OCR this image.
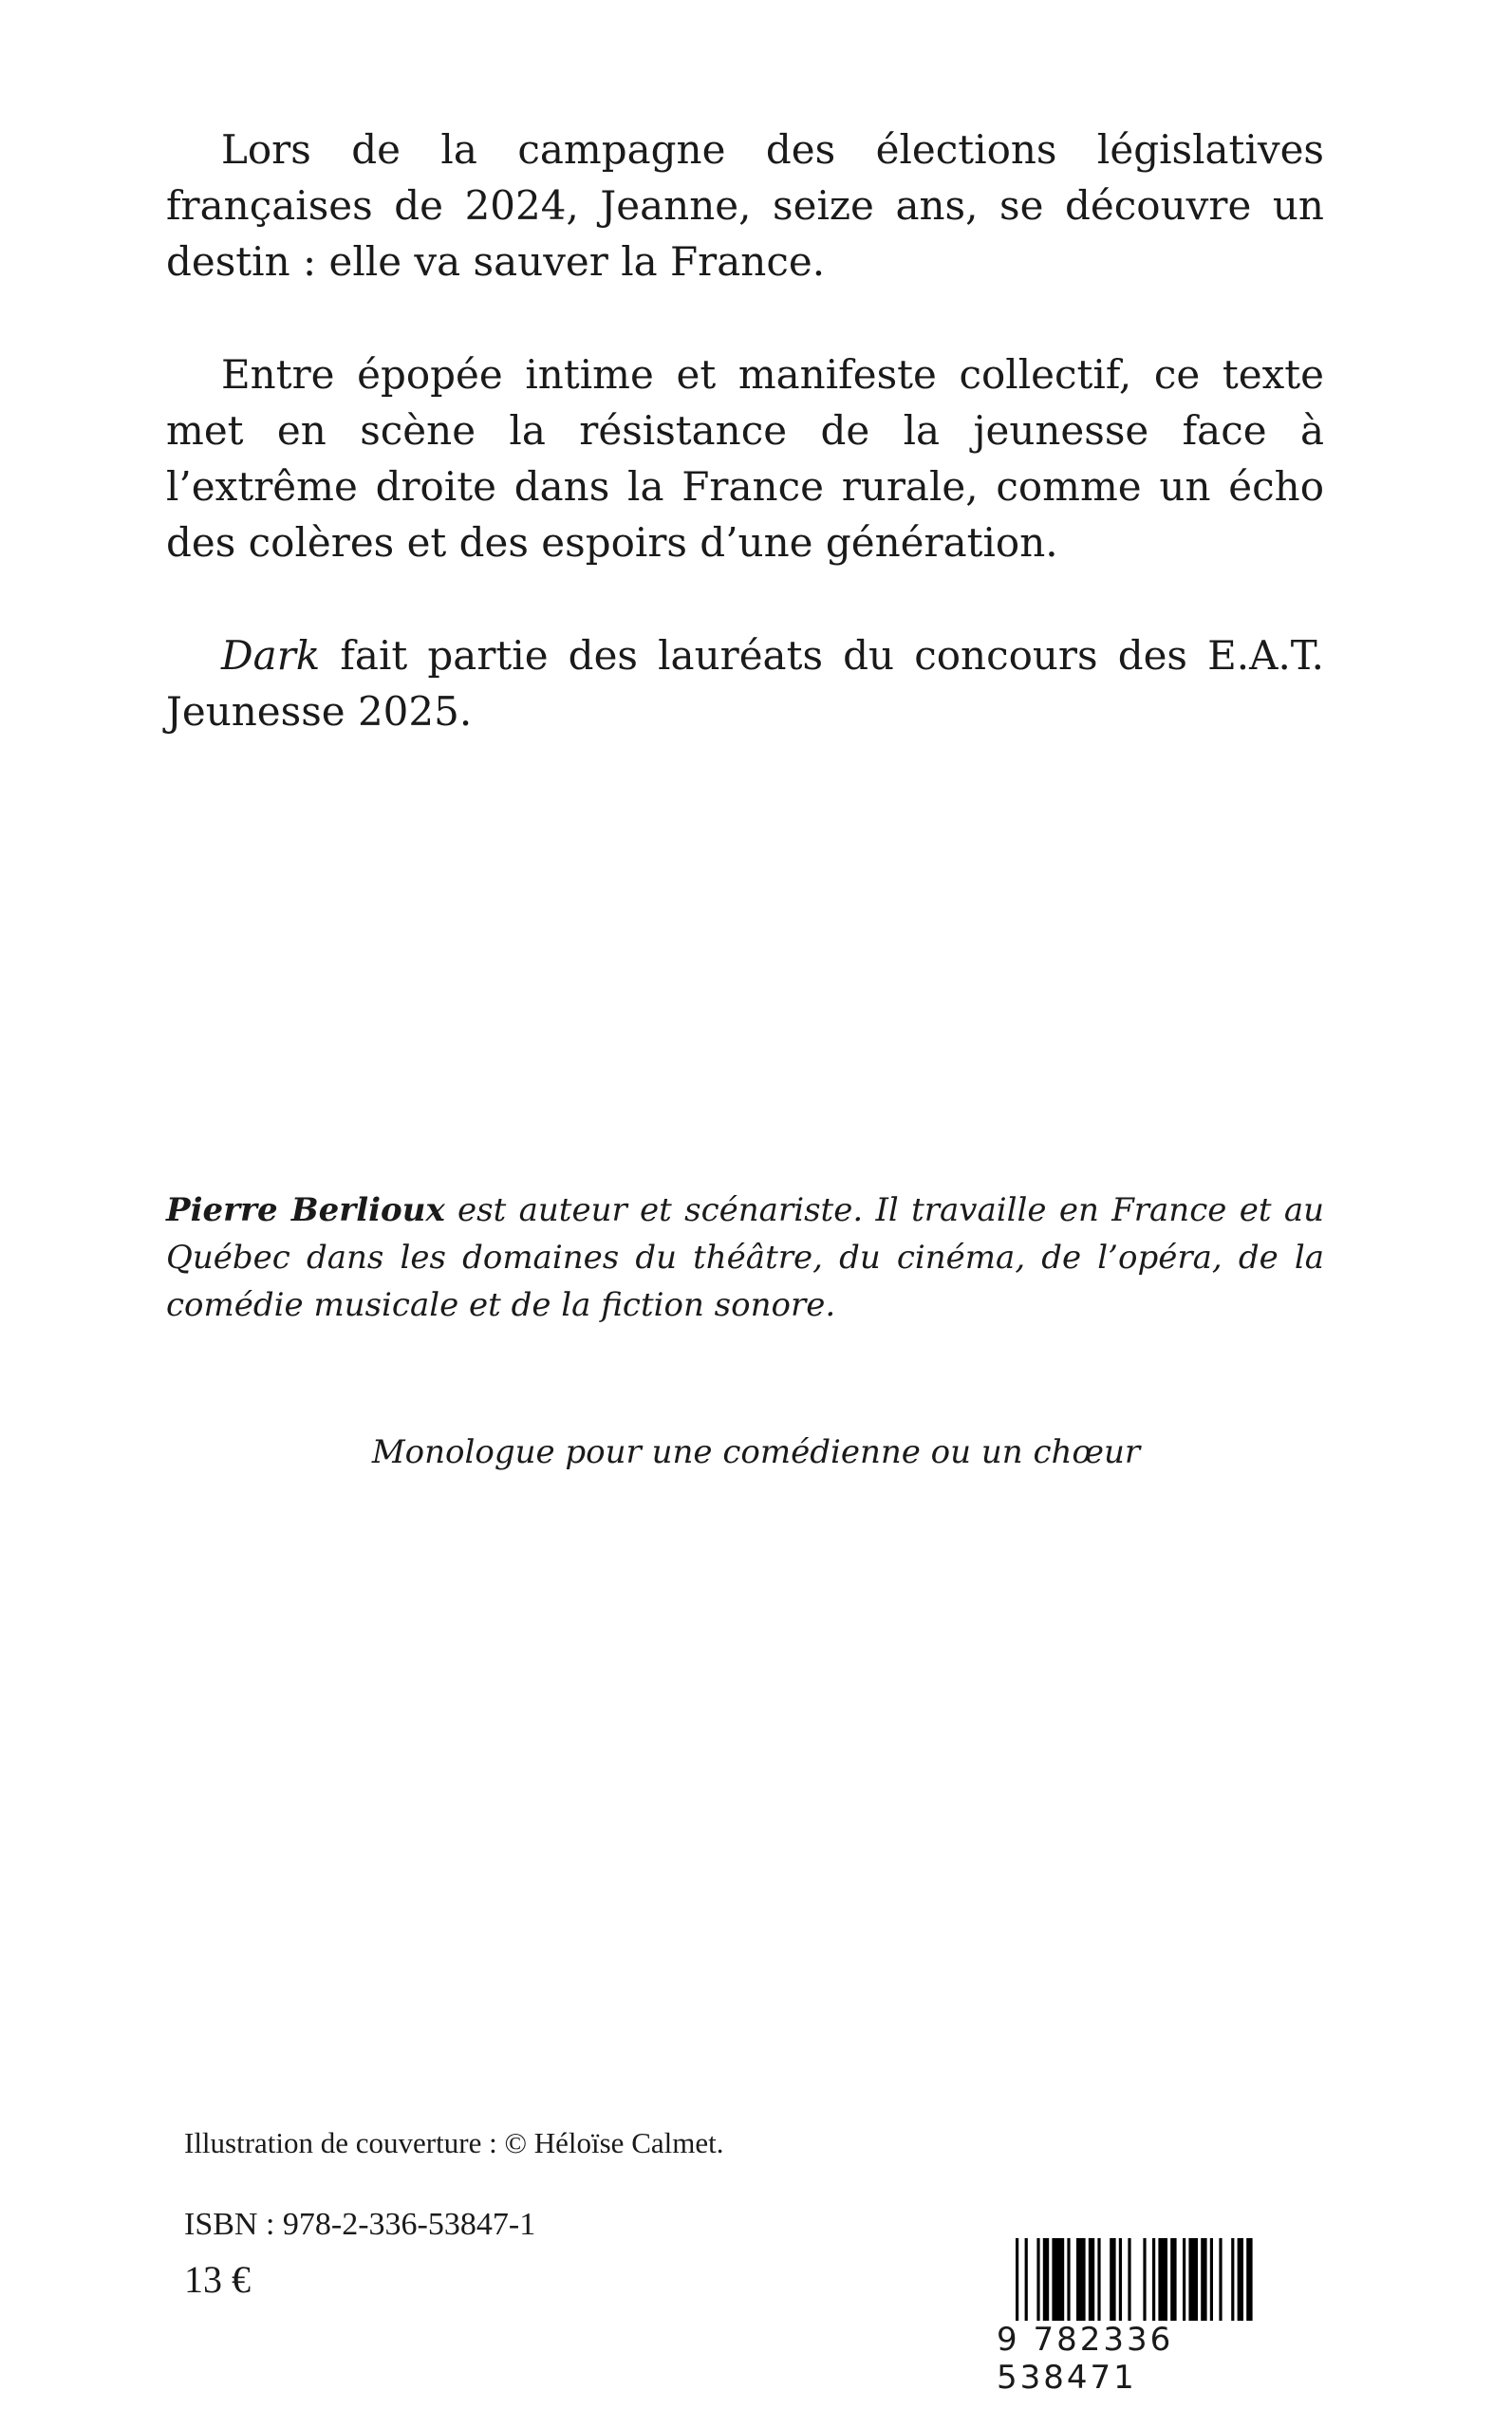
Lors de la campagne des élections législatives françaises de 2024, Jeanne, seize ans, se découvre un destin : elle va sauver la France.

Entre épopée intime et manifeste collectif, ce texte met en scène la résistance de la jeunesse face à l’extrême droite dans la France rurale, comme un écho des colères et des espoirs d’une génération.

Dark fait partie des lauréats du concours des E.A.T. Jeunesse 2025.

Pierre Berlioux est auteur et scénariste. Il travaille en France et au Québec dans les domaines du théâtre, du cinéma, de l’opéra, de la comédie musicale et de la fiction sonore.
Monologue pour une comédienne ou un chœur
Illustration de couverture : © Héloïse Calmet.
ISBN : 978-2-336-53847-1
13 €
9 782336 538471
